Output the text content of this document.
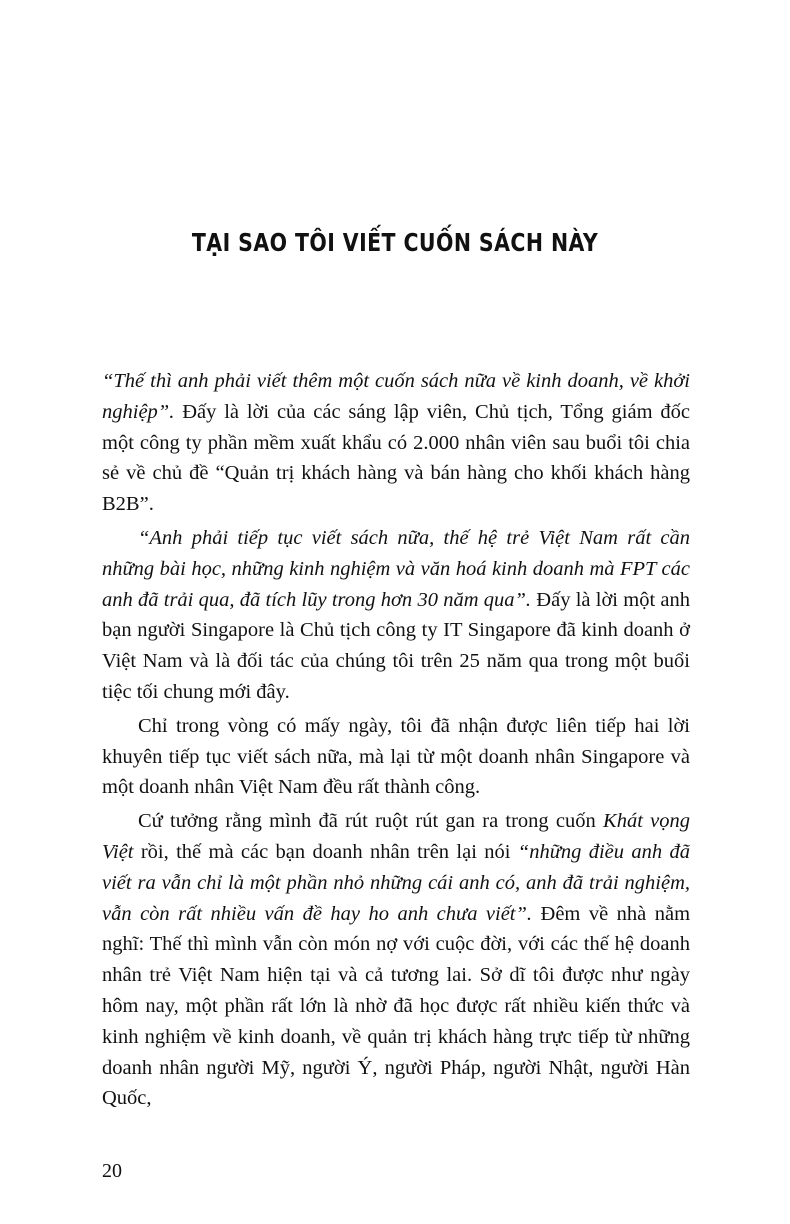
TẠI SAO TÔI VIẾT CUỐN SÁCH NÀY

“Thế thì anh phải viết thêm một cuốn sách nữa về kinh doanh, về khởi nghiệp”. Đấy là lời của các sáng lập viên, Chủ tịch, Tổng giám đốc một công ty phần mềm xuất khẩu có 2.000 nhân viên sau buổi tôi chia sẻ về chủ đề “Quản trị khách hàng và bán hàng cho khối khách hàng B2B”.

“Anh phải tiếp tục viết sách nữa, thế hệ trẻ Việt Nam rất cần những bài học, những kinh nghiệm và văn hoá kinh doanh mà FPT các anh đã trải qua, đã tích lũy trong hơn 30 năm qua”. Đấy là lời một anh bạn người Singapore là Chủ tịch công ty IT Singapore đã kinh doanh ở Việt Nam và là đối tác của chúng tôi trên 25 năm qua trong một buổi tiệc tối chung mới đây.

Chỉ trong vòng có mấy ngày, tôi đã nhận được liên tiếp hai lời khuyên tiếp tục viết sách nữa, mà lại từ một doanh nhân Singapore và một doanh nhân Việt Nam đều rất thành công.

Cứ tưởng rằng mình đã rút ruột rút gan ra trong cuốn Khát vọng Việt rồi, thế mà các bạn doanh nhân trên lại nói “những điều anh đã viết ra vẫn chỉ là một phần nhỏ những cái anh có, anh đã trải nghiệm, vẫn còn rất nhiều vấn đề hay ho anh chưa viết”. Đêm về nhà nằm nghĩ: Thế thì mình vẫn còn món nợ với cuộc đời, với các thế hệ doanh nhân trẻ Việt Nam hiện tại và cả tương lai. Sở dĩ tôi được như ngày hôm nay, một phần rất lớn là nhờ đã học được rất nhiều kiến thức và kinh nghiệm về kinh doanh, về quản trị khách hàng trực tiếp từ những doanh nhân người Mỹ, người Ý, người Pháp, người Nhật, người Hàn Quốc,

20
